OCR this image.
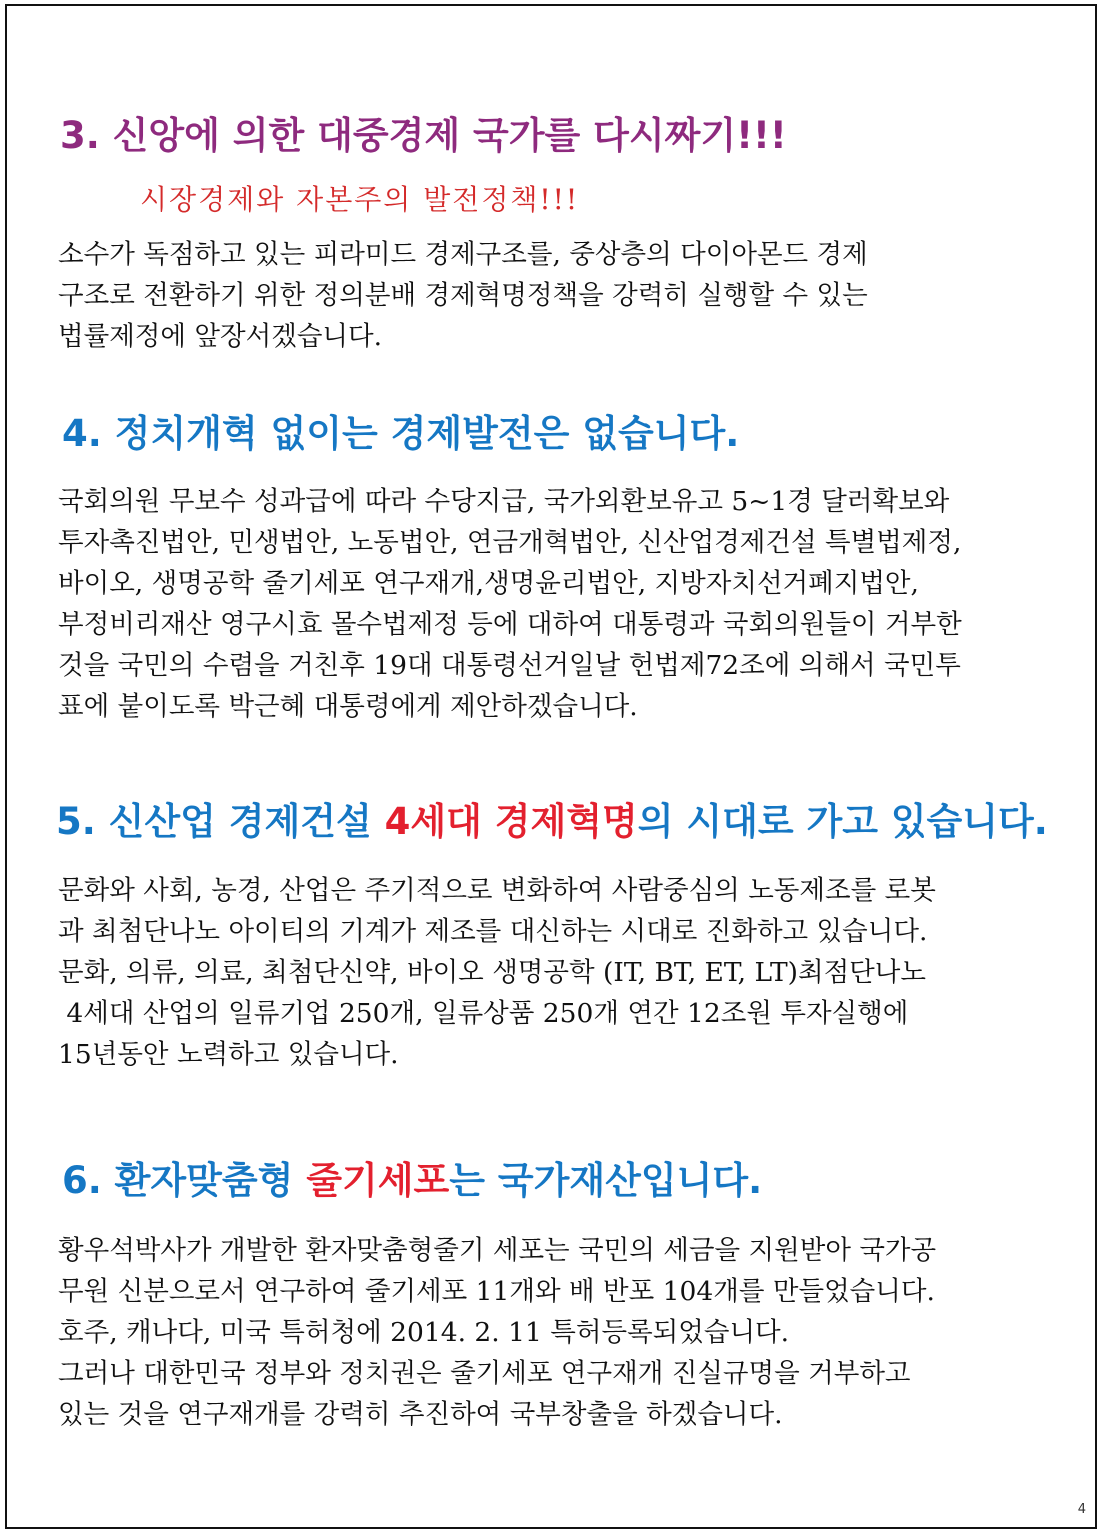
3. 신앙에 의한 대중경제 국가를 다시짜기!!!

시장경제와 자본주의 발전정책!!!

소수가 독점하고 있는 피라미드 경제구조를, 중상층의 다이아몬드 경제
구조로 전환하기 위한 정의분배 경제혁명정책을 강력히 실행할 수 있는
법률제정에 앞장서겠습니다.
4. 정치개혁 없이는 경제발전은 없습니다.
국회의원 무보수 성과급에 따라 수당지급, 국가외환보유고 5~1경 달러확보와
투자촉진법안, 민생법안, 노동법안, 연금개혁법안, 신산업경제건설 특별법제정,
바이오, 생명공학 줄기세포 연구재개,생명윤리법안, 지방자치선거폐지법안,
부정비리재산 영구시효 몰수법제정 등에 대하여 대통령과 국회의원들이 거부한
것을 국민의 수렴을 거친후 19대 대통령선거일날 헌법제72조에 의해서 국민투
표에 붙이도록 박근혜 대통령에게 제안하겠습니다.
5. 신산업 경제건설 4세대 경제혁명의 시대로 가고 있습니다.
문화와 사회, 농경, 산업은 주기적으로 변화하여 사람중심의 노동제조를 로봇
과 최첨단나노 아이티의 기계가 제조를 대신하는 시대로 진화하고 있습니다.
문화, 의류, 의료, 최첨단신약, 바이오 생명공학 (IT, BT, ET, LT)최점단나노
4세대 산업의 일류기업 250개, 일류상품 250개 연간 12조원 투자실행에
15년동안 노력하고 있습니다.
6. 환자맞춤형 줄기세포는 국가재산입니다.
황우석박사가 개발한 환자맞춤형줄기 세포는 국민의 세금을 지원받아 국가공
무원 신분으로서 연구하여 줄기세포 11개와 배 반포 104개를 만들었습니다.
호주, 캐나다, 미국 특허청에 2014. 2. 11 특허등록되었습니다.
그러나 대한민국 정부와 정치권은 줄기세포 연구재개 진실규명을 거부하고
있는 것을 연구재개를 강력히 추진하여 국부창출을 하겠습니다.
4
